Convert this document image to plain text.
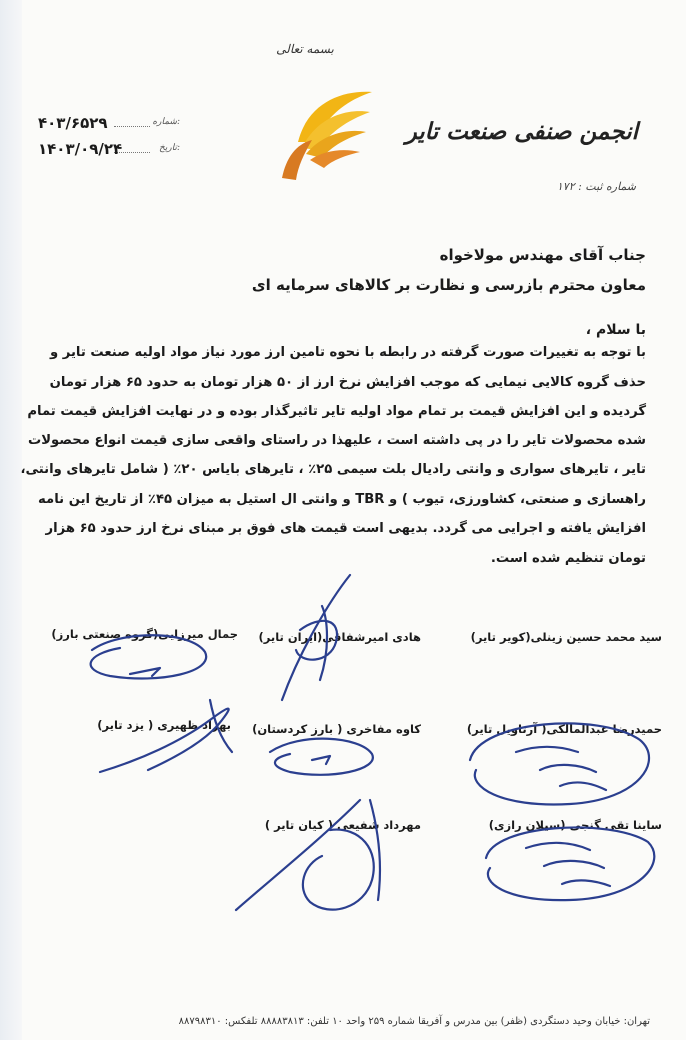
بسمه تعالی
انجمن صنفی صنعت تایر
شماره ثبت : ۱۷۲
شماره:
۴۰۳/۶۵۲۹
تاریخ:
۱۴۰۳/۰۹/۲۴
جناب آقای مهندس مولاخواه
معاون محترم بازرسی و نظارت بر کالاهای سرمایه ای
با سلام ،
با توجه به تغییرات صورت گرفته در رابطه با نحوه تامین ارز مورد نیاز مواد اولیه صنعت تایر و
حذف گروه کالایی نیمایی که موجب افزایش نرخ ارز از ۵۰ هزار تومان به حدود ۶۵ هزار تومان
گردیده و این افزایش قیمت بر تمام مواد اولیه تایر تاثیرگذار بوده و در نهایت افزایش قیمت تمام
شده محصولات تایر را در پی داشته است ، علیهذا در راستای واقعی سازی قیمت انواع محصولات
تایر ، تایرهای سواری و وانتی رادیال بلت سیمی ۲۵٪ ، تایرهای بایاس ۲۰٪ ( شامل تایرهای وانتی،
راهسازی و صنعتی، کشاورزی، تیوب ) و TBR و وانتی ال استیل به میزان ۴۵٪ از تاریخ این نامه
افزایش یافته و اجرایی می گردد. بدیهی است قیمت های فوق بر مبنای نرخ ارز حدود ۶۵ هزار
تومان تنظیم شده است.
سید محمد حسین زینلی(کویر تایر)
هادی امیرشفاقی(ایران تایر)
جمال میرزایی(گروه صنعتی بارز)
حمیدرضا عبدالمالکی( آرتاویل تایر)
کاوه مفاخری ( بارز کردستان)
بهزاد ظهیری ( یزد تایر)
ساینا تقی گنجی (سیلان رازی)
مهرداد شفیعی ( کیان تایر )
تهران: خیابان وحید دستگردی (ظفر) بین مدرس و آفریقا شماره ۲۵۹ واحد ۱۰ تلفن: ۸۸۸۸۳۸۱۳ تلفکس: ۸۸۷۹۸۳۱۰
